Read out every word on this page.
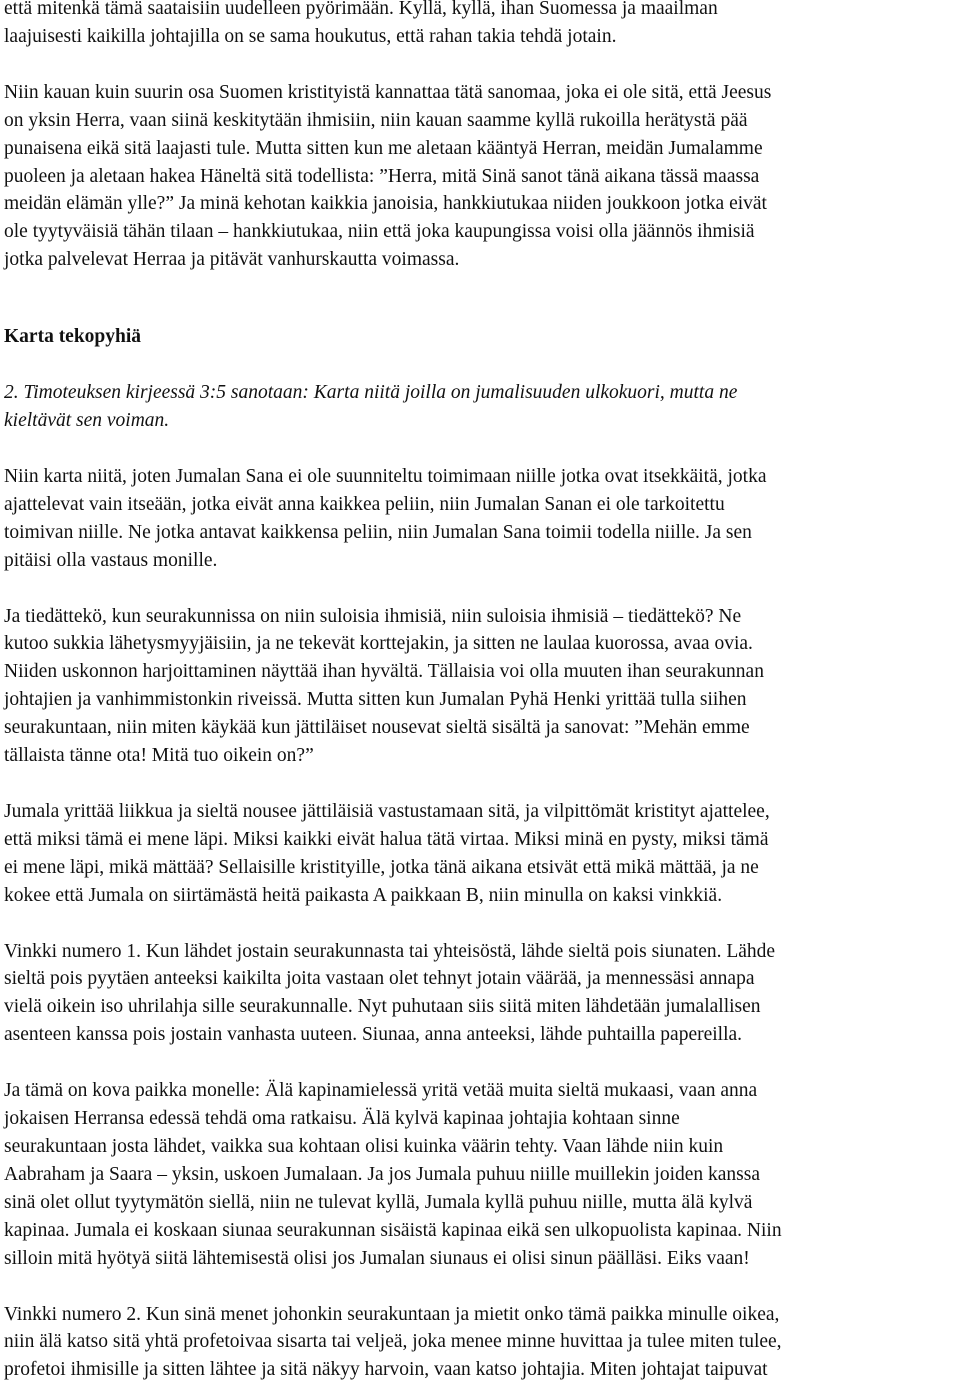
että mitenkä tämä saataisiin uudelleen pyörimään. Kyllä, kyllä, ihan Suomessa ja maailman
laajuisesti kaikilla johtajilla on se sama houkutus, että rahan takia tehdä jotain.

Niin kauan kuin suurin osa Suomen kristityistä kannattaa tätä sanomaa, joka ei ole sitä, että Jeesus
on yksin Herra, vaan siinä keskitytään ihmisiin, niin kauan saamme kyllä rukoilla herätystä pää
punaisena eikä sitä laajasti tule. Mutta sitten kun me aletaan kääntyä Herran, meidän Jumalamme
puoleen ja aletaan hakea Häneltä sitä todellista: ”Herra, mitä Sinä sanot tänä aikana tässä maassa
meidän elämän ylle?” Ja minä kehotan kaikkia janoisia, hankkiutukaa niiden joukkoon jotka eivät
ole tyytyväisiä tähän tilaan – hankkiutukaa, niin että joka kaupungissa voisi olla jäännös ihmisiä
jotka palvelevat Herraa ja pitävät vanhurskautta voimassa.

Karta tekopyhiä

2. Timoteuksen kirjeessä 3:5 sanotaan: Karta niitä joilla on jumalisuuden ulkokuori, mutta ne
kieltävät sen voiman.

Niin karta niitä, joten Jumalan Sana ei ole suunniteltu toimimaan niille jotka ovat itsekkäitä, jotka
ajattelevat vain itseään, jotka eivät anna kaikkea peliin, niin Jumalan Sanan ei ole tarkoitettu
toimivan niille. Ne jotka antavat kaikkensa peliin, niin Jumalan Sana toimii todella niille. Ja sen
pitäisi olla vastaus monille.

Ja tiedättekö, kun seurakunnissa on niin suloisia ihmisiä, niin suloisia ihmisiä – tiedättekö? Ne
kutoo sukkia lähetysmyyjäisiin, ja ne tekevät korttejakin, ja sitten ne laulaa kuorossa, avaa ovia.
Niiden uskonnon harjoittaminen näyttää ihan hyvältä. Tällaisia voi olla muuten ihan seurakunnan
johtajien ja vanhimmistonkin riveissä. Mutta sitten kun Jumalan Pyhä Henki yrittää tulla siihen
seurakuntaan, niin miten käykää kun jättiläiset nousevat sieltä sisältä ja sanovat: ”Mehän emme
tällaista tänne ota! Mitä tuo oikein on?”

Jumala yrittää liikkua ja sieltä nousee jättiläisiä vastustamaan sitä, ja vilpittömät kristityt ajattelee,
että miksi tämä ei mene läpi. Miksi kaikki eivät halua tätä virtaa. Miksi minä en pysty, miksi tämä
ei mene läpi, mikä mättää? Sellaisille kristityille, jotka tänä aikana etsivät että mikä mättää, ja ne
kokee että Jumala on siirtämästä heitä paikasta A paikkaan B, niin minulla on kaksi vinkkiä.

Vinkki numero 1. Kun lähdet jostain seurakunnasta tai yhteisöstä, lähde sieltä pois siunaten. Lähde
sieltä pois pyytäen anteeksi kaikilta joita vastaan olet tehnyt jotain väärää, ja mennessäsi annapa
vielä oikein iso uhrilahja sille seurakunnalle. Nyt puhutaan siis siitä miten lähdetään jumalallisen
asenteen kanssa pois jostain vanhasta uuteen. Siunaa, anna anteeksi, lähde puhtailla papereilla.

Ja tämä on kova paikka monelle: Älä kapinamielessä yritä vetää muita sieltä mukaasi, vaan anna
jokaisen Herransa edessä tehdä oma ratkaisu. Älä kylvä kapinaa johtajia kohtaan sinne
seurakuntaan josta lähdet, vaikka sua kohtaan olisi kuinka väärin tehty. Vaan lähde niin kuin
Aabraham ja Saara – yksin, uskoen Jumalaan. Ja jos Jumala puhuu niille muillekin joiden kanssa
sinä olet ollut tyytymätön siellä, niin ne tulevat kyllä, Jumala kyllä puhuu niille, mutta älä kylvä
kapinaa. Jumala ei koskaan siunaa seurakunnan sisäistä kapinaa eikä sen ulkopuolista kapinaa. Niin
silloin mitä hyötyä siitä lähtemisestä olisi jos Jumalan siunaus ei olisi sinun päälläsi. Eiks vaan!

Vinkki numero 2. Kun sinä menet johonkin seurakuntaan ja mietit onko tämä paikka minulle oikea,
niin älä katso sitä yhtä profetoivaa sisarta tai veljeä, joka menee minne huvittaa ja tulee miten tulee,
profetoi ihmisille ja sitten lähtee ja sitä näkyy harvoin, vaan katso johtajia. Miten johtajat taipuvat
